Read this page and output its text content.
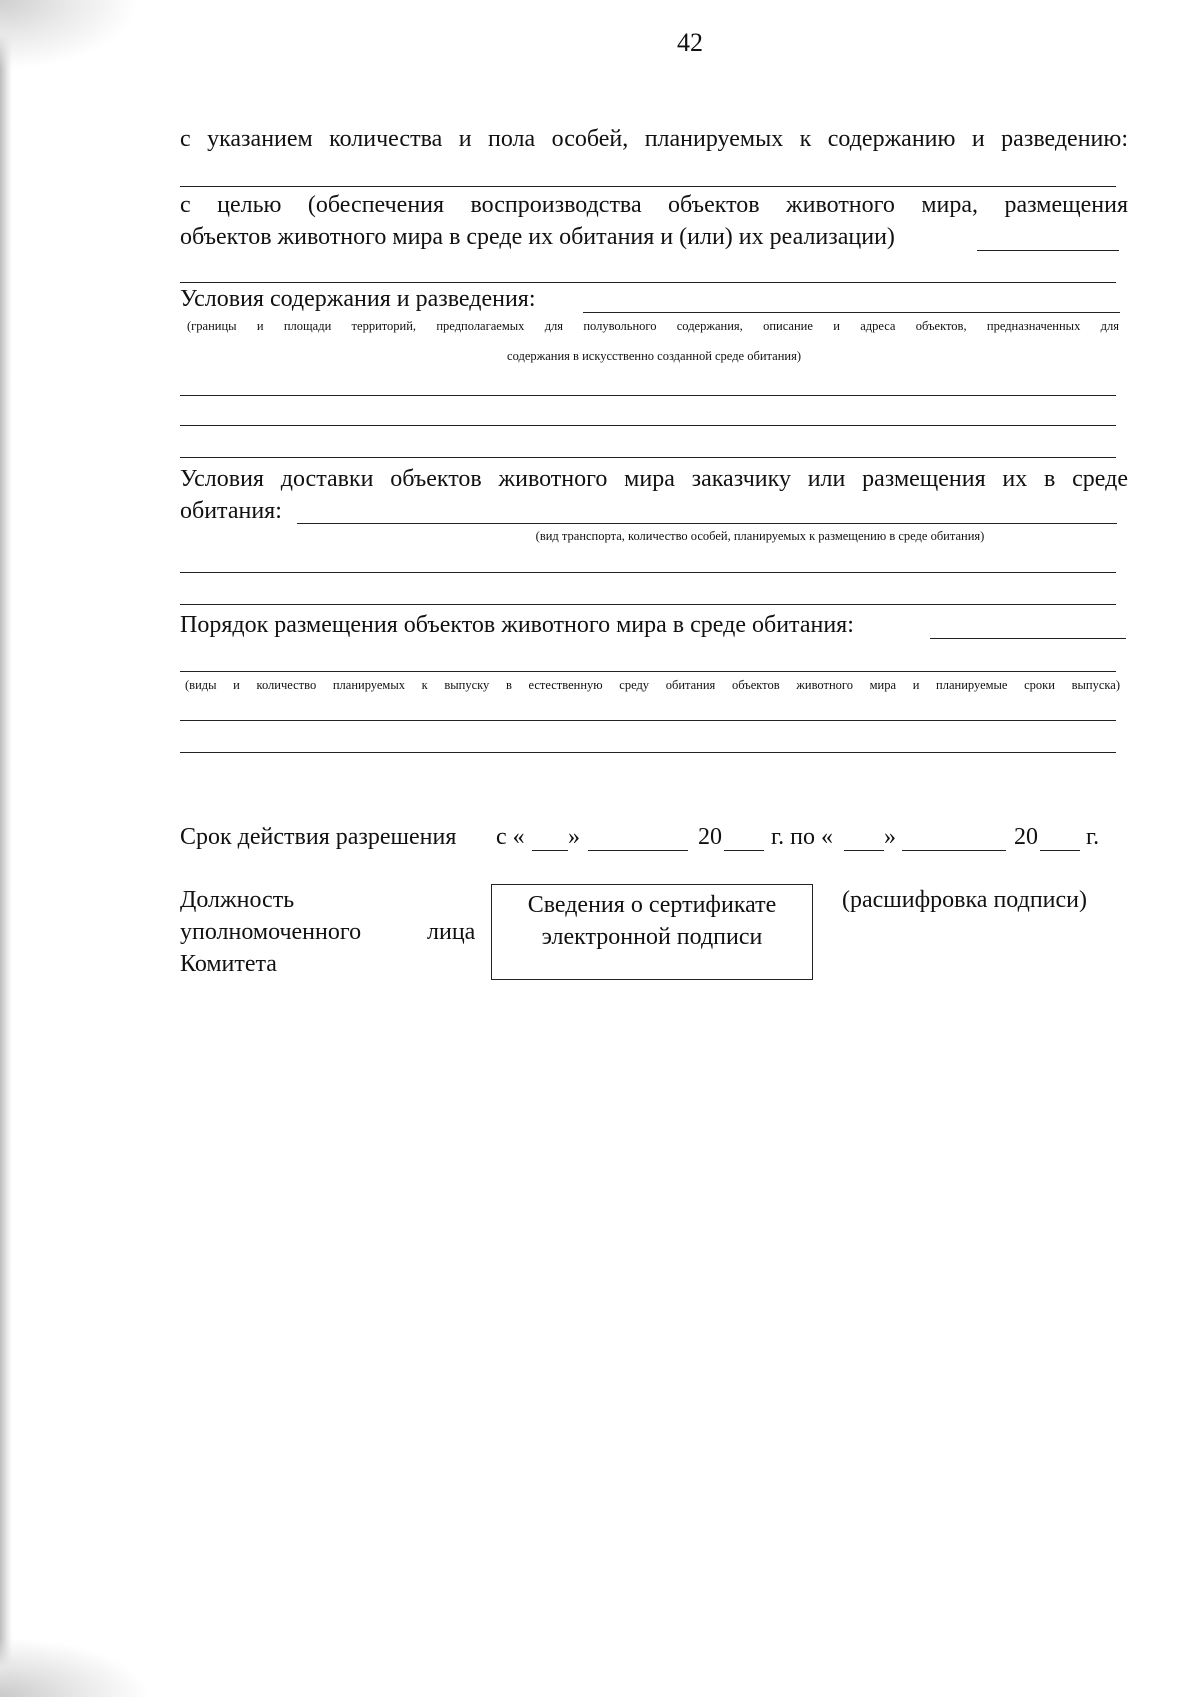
42
с указанием количества и пола особей, планируемых к содержанию и разведению:
с целью (обеспечения воспроизводства объектов животного мира, размещения
объектов животного мира в среде их обитания и (или) их реализации)
Условия содержания и разведения:
(границы и площади территорий, предполагаемых для полувольного содержания, описание и адреса объектов, предназначенных для
содержания в искусственно созданной среде обитания)
Условия доставки объектов животного мира заказчику или размещения их в среде
обитания:
(вид транспорта, количество особей, планируемых к размещению в среде обитания)
Порядок размещения объектов животного мира в среде обитания:
(виды и количество планируемых к выпуску в естественную среду обитания объектов животного мира и планируемые сроки выпуска)
Срок действия разрешения с « »	20 г. по « »	20 г.
Должность
уполномоченного	лица
Комитета
Сведения о сертификате
электронной подписи
(расшифровка подписи)
